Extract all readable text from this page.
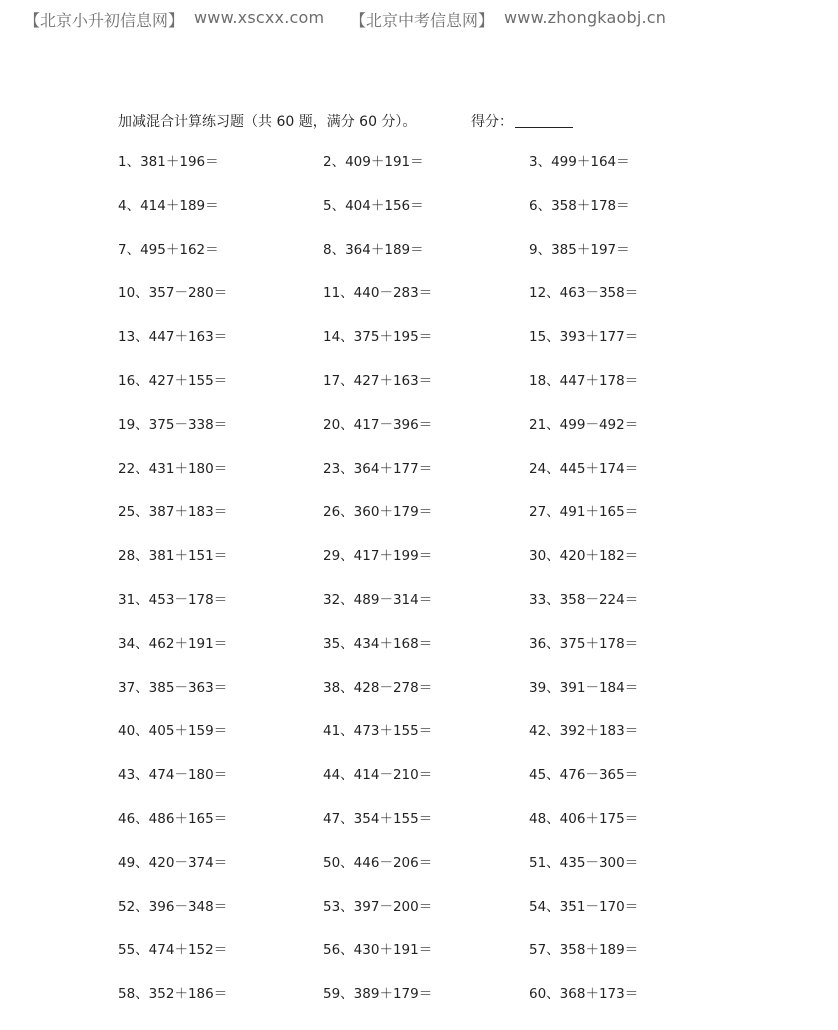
【北京小升初信息网】 www.xscxx.com 【北京中考信息网】 www.zhongkaobj.cn
加减混合计算练习题（共 60 题，满分 60 分）。	得分：
1、381＋196＝	2、409＋191＝	3、499＋164＝
4、414＋189＝	5、404＋156＝	6、358＋178＝
7、495＋162＝	8、364＋189＝	9、385＋197＝
10、357－280＝	11、440－283＝	12、463－358＝
13、447＋163＝	14、375＋195＝	15、393＋177＝
16、427＋155＝	17、427＋163＝	18、447＋178＝
19、375－338＝	20、417－396＝	21、499－492＝
22、431＋180＝	23、364＋177＝	24、445＋174＝
25、387＋183＝	26、360＋179＝	27、491＋165＝
28、381＋151＝	29、417＋199＝	30、420＋182＝
31、453－178＝	32、489－314＝	33、358－224＝
34、462＋191＝	35、434＋168＝	36、375＋178＝
37、385－363＝	38、428－278＝	39、391－184＝
40、405＋159＝	41、473＋155＝	42、392＋183＝
43、474－180＝	44、414－210＝	45、476－365＝
46、486＋165＝	47、354＋155＝	48、406＋175＝
49、420－374＝	50、446－206＝	51、435－300＝
52、396－348＝	53、397－200＝	54、351－170＝
55、474＋152＝	56、430＋191＝	57、358＋189＝
58、352＋186＝	59、389＋179＝	60、368＋173＝
